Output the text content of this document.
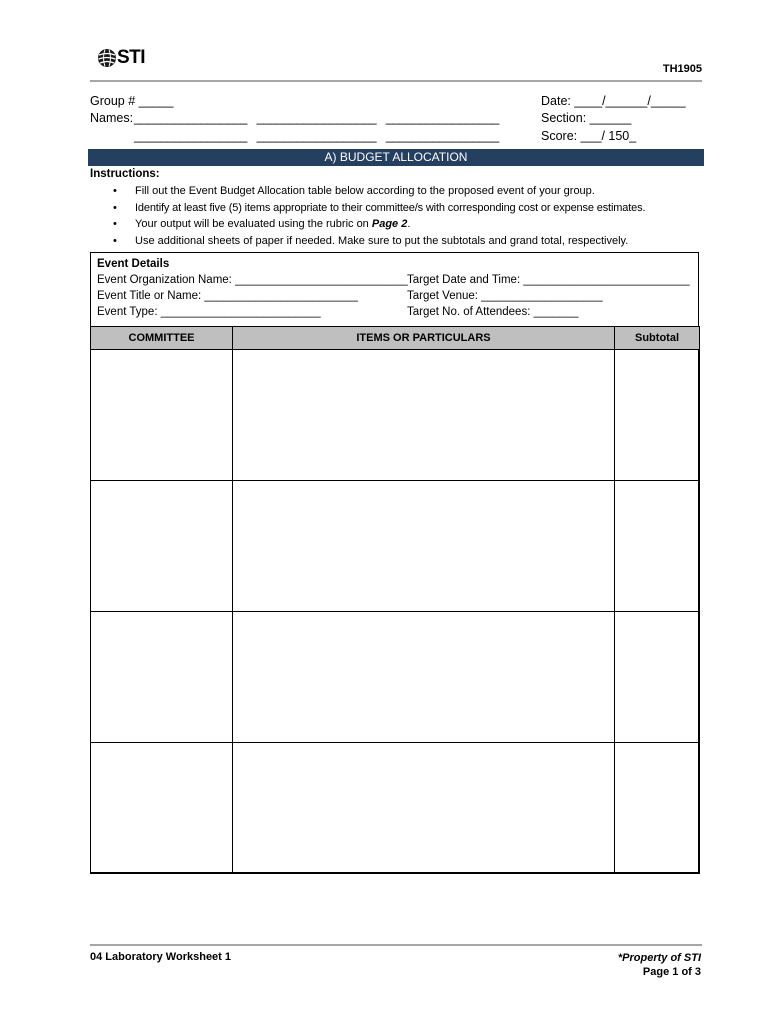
STI
TH1905
Group # _____
Names: _________________   __________________   _________________
_________________   __________________   _________________
Date: ____/______/_____
Section: ______
Score: ___/ 150_
A) BUDGET ALLOCATION
Instructions:
• Fill out the Event Budget Allocation table below according to the proposed event of your group.
• Identify at least five (5) items appropriate to their committee/s with corresponding cost or expense estimates.
• Your output will be evaluated using the rubric on Page 2.
• Use additional sheets of paper if needed. Make sure to put the subtotals and grand total, respectively.
Event Details
Event Organization Name: ___________________________
Event Title or Name: ________________________
Event Type: _________________________
Target Date and Time: __________________________
Target Venue: ___________________
Target No. of Attendees: _______
COMMITTEE	ITEMS OR PARTICULARS	Subtotal

04 Laboratory Worksheet 1	*Property of STI
Page 1 of 3
